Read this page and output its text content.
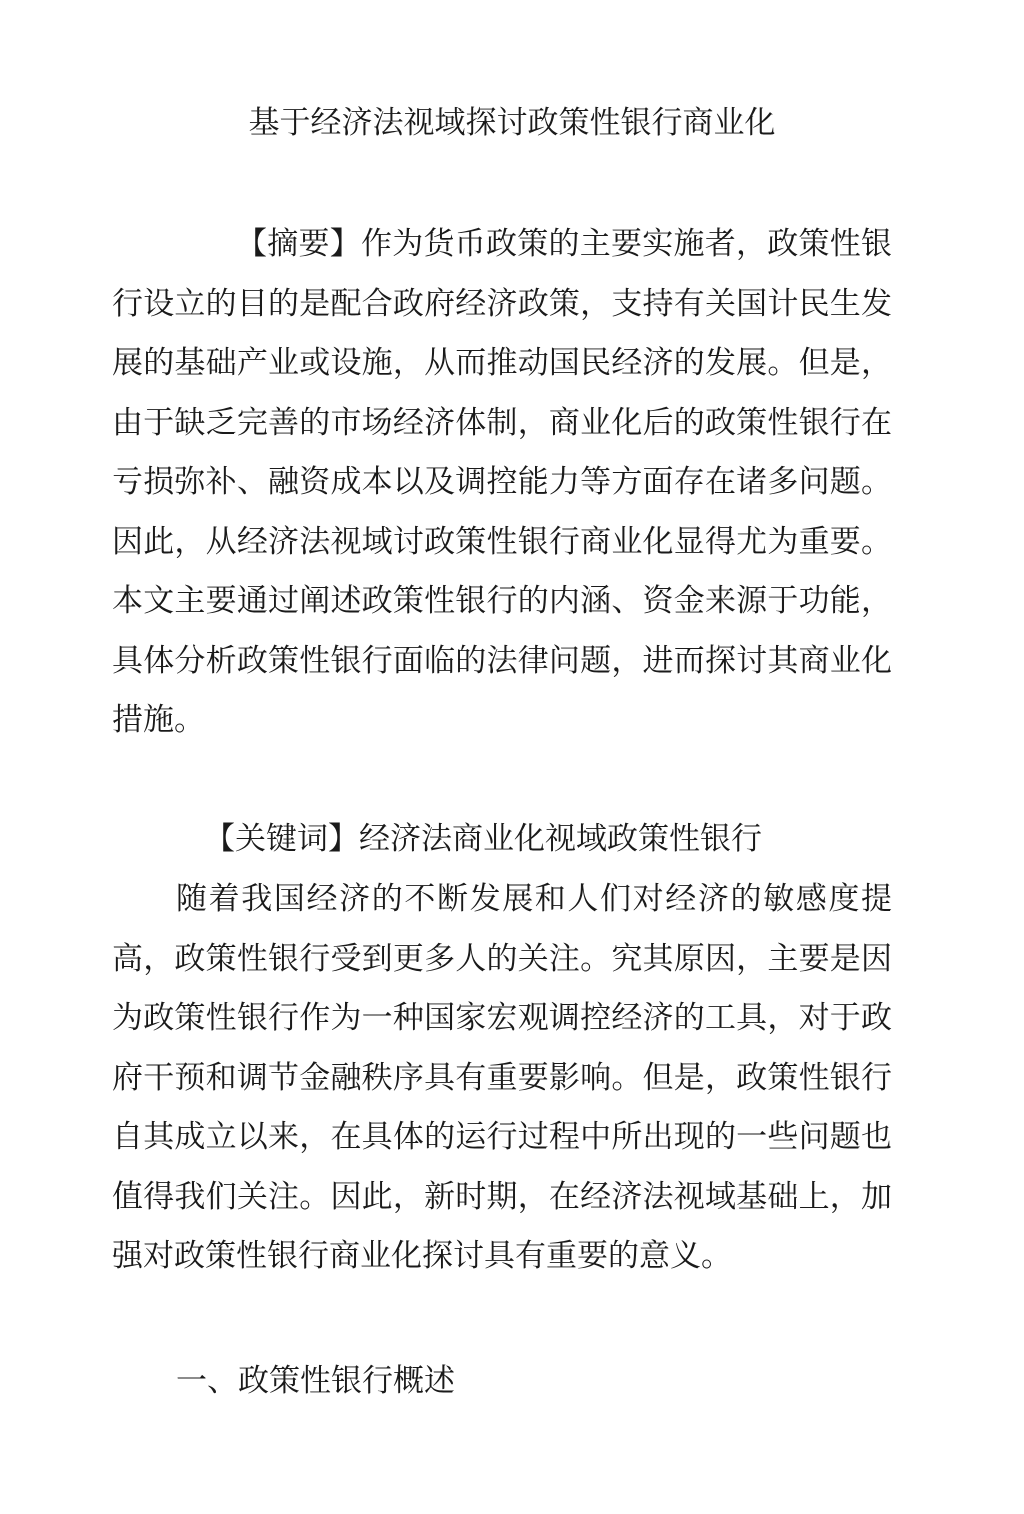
基于经济法视域探讨政策性银行商业化

【摘要】作为货币政策的主要实施者，政策性银行设立的目的是配合政府经济政策，支持有关国计民生发展的基础产业或设施，从而推动国民经济的发展。但是，由于缺乏完善的市场经济体制，商业化后的政策性银行在亏损弥补、融资成本以及调控能力等方面存在诸多问题。因此，从经济法视域讨政策性银行商业化显得尤为重要。本文主要通过阐述政策性银行的内涵、资金来源于功能，具体分析政策性银行面临的法律问题，进而探讨其商业化措施。

【关键词】经济法商业化视域政策性银行

随着我国经济的不断发展和人们对经济的敏感度提高，政策性银行受到更多人的关注。究其原因，主要是因为政策性银行作为一种国家宏观调控经济的工具，对于政府干预和调节金融秩序具有重要影响。但是，政策性银行自其成立以来，在具体的运行过程中所出现的一些问题也值得我们关注。因此，新时期，在经济法视域基础上，加强对政策性银行商业化探讨具有重要的意义。

一、政策性银行概述
